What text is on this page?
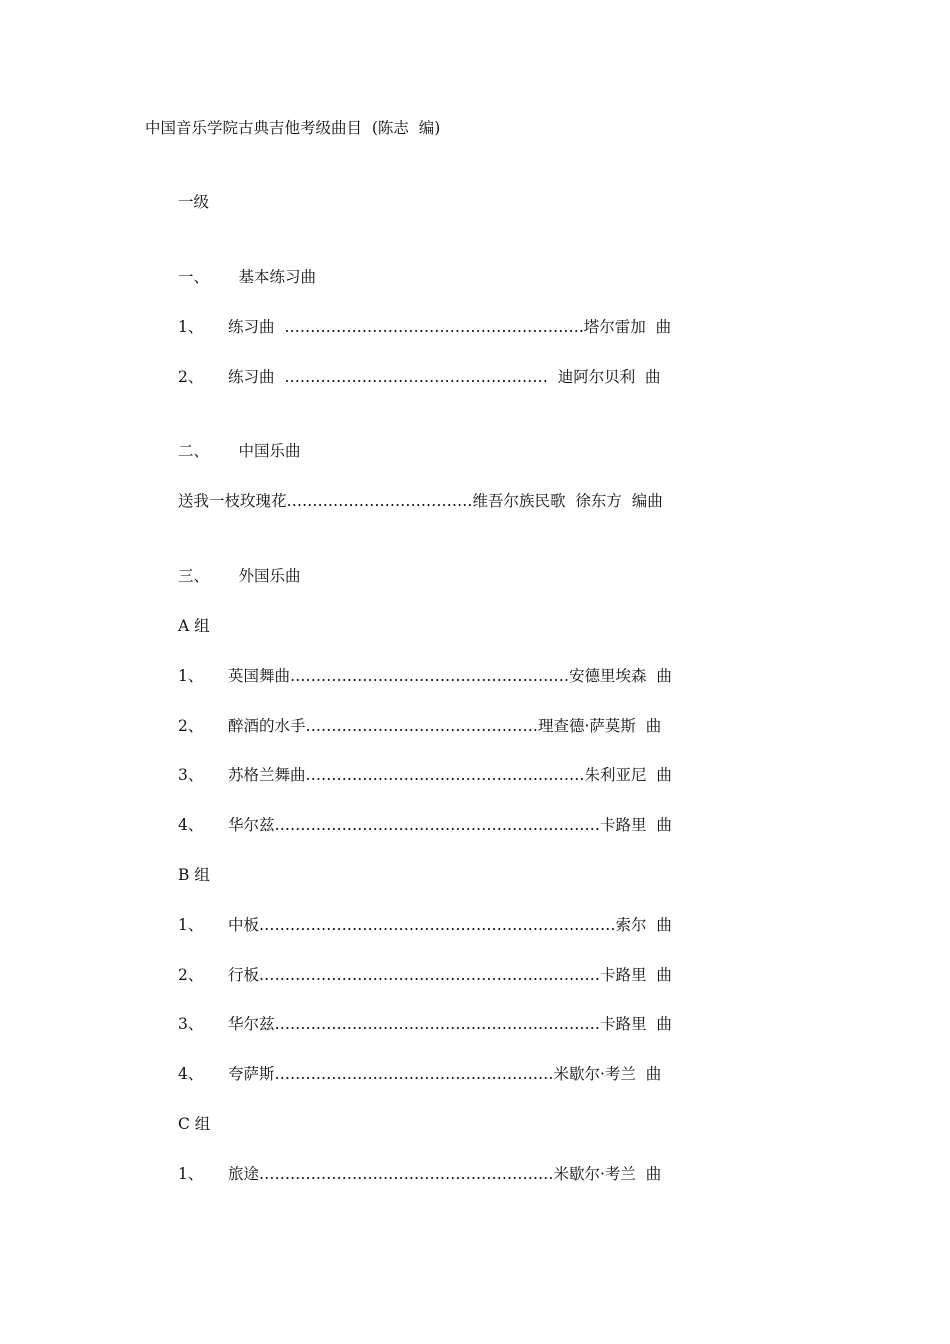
中国音乐学院古典吉他考级曲目  (陈志  编)

一级

一、      基本练习曲

1、     练习曲  ………………………………………………….塔尔雷加  曲

2、     练习曲  ……………………………………………  迪阿尔贝利  曲

二、      中国乐曲

送我一枝玫瑰花………………………………维吾尔族民歌  徐东方  编曲

三、      外国乐曲

A 组

1、     英国舞曲………………………………………………安德里埃森  曲

2、     醉酒的水手………………………………………理查德·萨莫斯  曲

3、     苏格兰舞曲………………………………………………朱利亚尼  曲

4、     华尔兹………………………………………………………卡路里  曲

B 组

1、     中板……………………………………………………………索尔  曲

2、     行板…………………………………………………………卡路里  曲

3、     华尔兹………………………………………………………卡路里  曲

4、     夸萨斯………………………………………………米歇尔·考兰  曲

C 组

1、     旅途…………………………………………………米歇尔·考兰  曲
